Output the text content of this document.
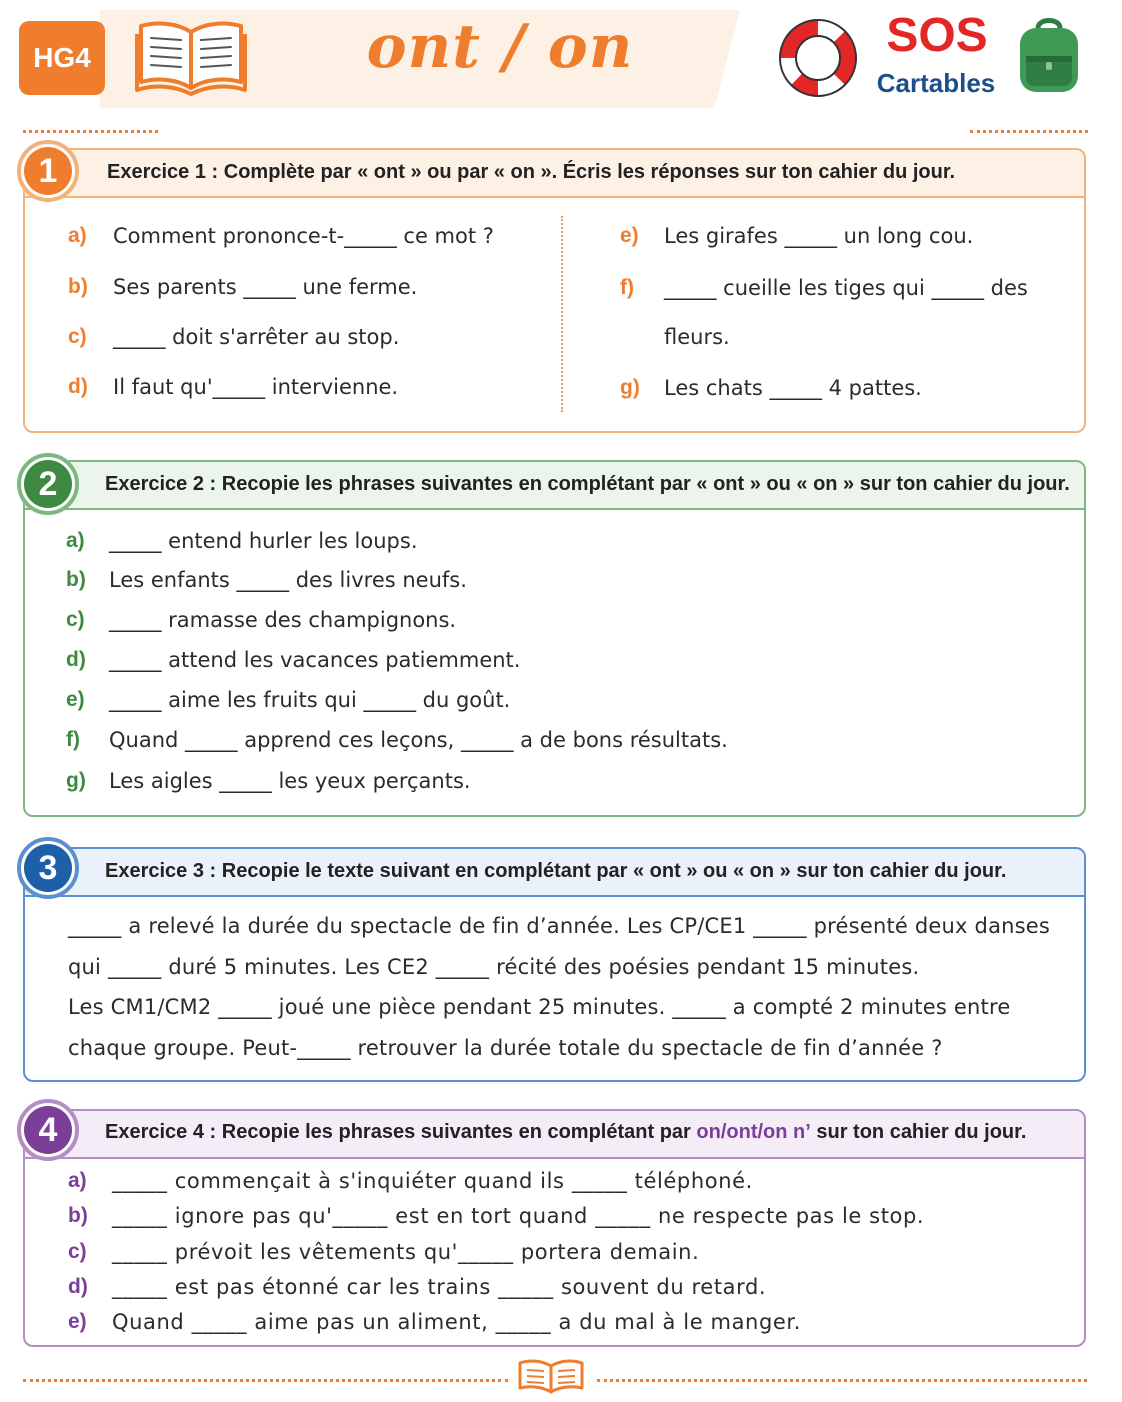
HG4	ont / on	SOS
Cartables
1	Exercice 1 : Complète par « ont » ou par « on ». Écris les réponses sur ton cahier du jour.
a) Comment prononce-t-_____ ce mot ?
b) Ses parents _____ une ferme.
c) _____ doit s'arrêter au stop.
d) Il faut qu'_____ intervienne.
e) Les girafes _____ un long cou.
f) _____ cueille les tiges qui _____ des
fleurs.
g) Les chats _____ 4 pattes.
2	Exercice 2 : Recopie les phrases suivantes en complétant par « ont » ou « on » sur ton cahier du jour.
a) _____ entend hurler les loups.
b) Les enfants _____ des livres neufs.
c) _____ ramasse des champignons.
d) _____ attend les vacances patiemment.
e) _____ aime les fruits qui _____ du goût.
f) Quand _____ apprend ces leçons, _____ a de bons résultats.
g) Les aigles _____ les yeux perçants.
3	Exercice 3 : Recopie le texte suivant en complétant par « ont » ou « on » sur ton cahier du jour.
_____ a relevé la durée du spectacle de fin d’année. Les CP/CE1 _____ présenté deux danses
qui _____ duré 5 minutes. Les CE2 _____ récité des poésies pendant 15 minutes.
Les CM1/CM2 _____ joué une pièce pendant 25 minutes. _____ a compté 2 minutes entre
chaque groupe. Peut-_____ retrouver la durée totale du spectacle de fin d’année ?
4	Exercice 4 : Recopie les phrases suivantes en complétant par on/ont/on n’ sur ton cahier du jour.
a) _____ commençait à s'inquiéter quand ils _____ téléphoné.
b) _____ ignore pas qu'_____ est en tort quand _____ ne respecte pas le stop.
c) _____ prévoit les vêtements qu'_____ portera demain.
d) _____ est pas étonné car les trains _____ souvent du retard.
e) Quand _____ aime pas un aliment, _____ a du mal à le manger.
